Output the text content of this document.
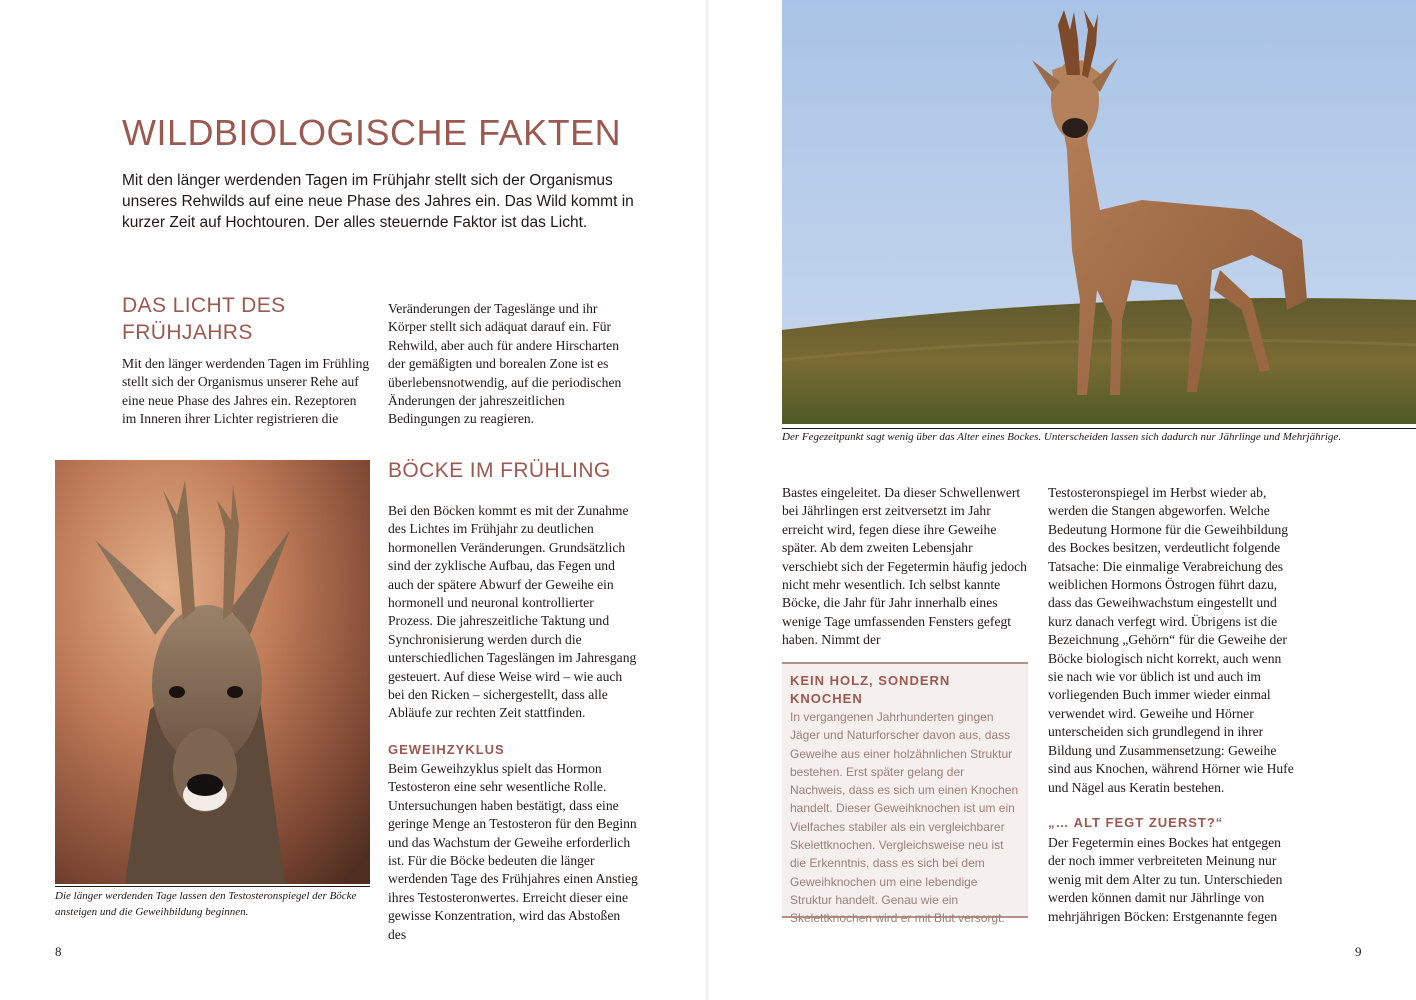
WILDBIOLOGISCHE FAKTEN
Mit den länger werdenden Tagen im Frühjahr stellt sich der Organismus unseres Rehwilds auf eine neue Phase des Jahres ein. Das Wild kommt in kurzer Zeit auf Hochtouren. Der alles steuernde Faktor ist das Licht.
DAS LICHT DES
FRÜHJAHRS
Mit den länger werdenden Tagen im Frühling stellt sich der Organismus unserer Rehe auf eine neue Phase des Jahres ein. Rezeptoren im Inneren ihrer Lichter registrieren die
Veränderungen der Tageslänge und ihr Körper stellt sich adäquat darauf ein. Für Rehwild, aber auch für andere Hirscharten der gemäßigten und borealen Zone ist es überlebensnotwendig, auf die periodischen Änderungen der jahreszeitlichen Bedingungen zu reagieren.
BÖCKE IM FRÜHLING
Bei den Böcken kommt es mit der Zunahme des Lichtes im Frühjahr zu deutlichen hormonellen Veränderungen. Grundsätzlich sind der zyklische Aufbau, das Fegen und auch der spätere Abwurf der Geweihe ein hormonell und neuronal kontrollierter Prozess. Die jahreszeitliche Taktung und Synchronisierung werden durch die unterschiedlichen Tageslängen im Jahresgang gesteuert. Auf diese Weise wird – wie auch bei den Ricken – sichergestellt, dass alle Abläufe zur rechten Zeit stattfinden.
GEWEIHZYKLUS
Beim Geweihzyklus spielt das Hormon Testosteron eine sehr wesentliche Rolle. Untersuchungen haben bestätigt, dass eine geringe Menge an Testosteron für den Beginn und das Wachstum der Geweihe erforderlich ist. Für die Böcke bedeuten die länger werdenden Tage des Frühjahres einen Anstieg ihres Testosteronwertes. Erreicht dieser eine gewisse Konzentration, wird das Abstoßen des
Die länger werdenden Tage lassen den Testosteronspiegel der Böcke ansteigen und die Geweihbildung beginnen.
8
Der Fegezeitpunkt sagt wenig über das Alter eines Bockes. Unterscheiden lassen sich dadurch nur Jährlinge und Mehrjährige.
Bastes eingeleitet. Da dieser Schwellenwert bei Jährlingen erst zeitversetzt im Jahr erreicht wird, fegen diese ihre Geweihe später. Ab dem zweiten Lebensjahr verschiebt sich der Fegetermin häufig jedoch nicht mehr wesentlich. Ich selbst kannte Böcke, die Jahr für Jahr innerhalb eines wenige Tage umfassenden Fensters gefegt haben. Nimmt der
KEIN HOLZ, SONDERN KNOCHEN
In vergangenen Jahrhunderten gingen Jäger und Naturforscher davon aus, dass Geweihe aus einer holzähnlichen Struktur bestehen. Erst später gelang der Nachweis, dass es sich um einen Knochen handelt. Dieser Geweihknochen ist um ein Vielfaches stabiler als ein vergleichbarer Skelettknochen. Vergleichsweise neu ist die Erkenntnis, dass es sich bei dem Geweihknochen um eine lebendige Struktur handelt. Genau wie ein Skelettknochen wird er mit Blut versorgt.
Testosteronspiegel im Herbst wieder ab, werden die Stangen abgeworfen. Welche Bedeutung Hormone für die Geweihbildung des Bockes besitzen, verdeutlicht folgende Tatsache: Die einmalige Verabreichung des weiblichen Hormons Östrogen führt dazu, dass das Geweihwachstum eingestellt und kurz danach verfegt wird. Übrigens ist die Bezeichnung „Gehörn“ für die Geweihe der Böcke biologisch nicht korrekt, auch wenn sie nach wie vor üblich ist und auch im vorliegenden Buch immer wieder einmal verwendet wird. Geweihe und Hörner unterscheiden sich grundlegend in ihrer Bildung und Zusammensetzung: Geweihe sind aus Knochen, während Hörner wie Hufe und Nägel aus Keratin bestehen.
„… ALT FEGT ZUERST?“
Der Fegetermin eines Bockes hat entgegen der noch immer verbreiteten Meinung nur wenig mit dem Alter zu tun. Unterschieden werden können damit nur Jährlinge von mehrjährigen Böcken: Erstgenannte fegen
9
